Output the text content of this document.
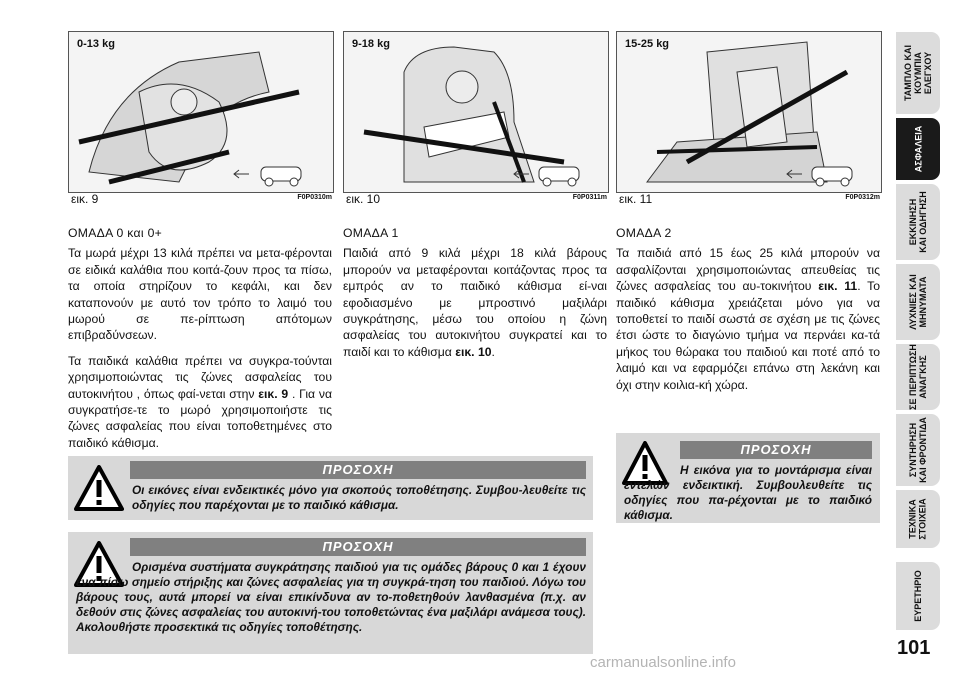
0-13 kg
εικ. 9	F0P0310m
9-18 kg
εικ. 10	F0P0311m
15-25 kg
εικ. 11	F0P0312m
ΟΜΑΔΑ 0 και 0+

Τα μωρά μέχρι 13 κιλά πρέπει να μετα-φέρονται σε ειδικά καλάθια που κοιτά-ζουν προς τα πίσω, τα οποία στηρίζουν το κεφάλι, και δεν καταπονούν με αυτό τον τρόπο το λαιμό του μωρού σε πε-ρίπτωση απότομων επιβραδύνσεων.

Τα παιδικά καλάθια πρέπει να συγκρα-τούνται χρησιμοποιώντας τις ζώνες ασφαλείας του αυτοκινήτου , όπως φαί-νεται στην εικ. 9 . Για να συγκρατήσε-τε το μωρό χρησιμοποιήστε τις ζώνες ασφαλείας που είναι τοποθετημένες στο παιδικό κάθισμα.

ΟΜΑΔΑ 1

Παιδιά από 9 κιλά μέχρι 18 κιλά βάρους μπορούν να μεταφέρονται κοιτάζοντας προς τα εμπρός αν το παιδικό κάθισμα εί-ναι εφοδιασμένο με μπροστινό μαξιλάρι συγκράτησης, μέσω του οποίου η ζώνη ασφαλείας του αυτοκινήτου συγκρατεί και το παιδί και το κάθισμα εικ. 10.

ΟΜΑΔΑ 2

Τα παιδιά από 15 έως 25 κιλά μπορούν να ασφαλίζονται χρησιμοποιώντας απευθείας τις ζώνες ασφαλείας του αυ-τοκινήτου εικ. 11. Το παιδικό κάθισμα χρειάζεται μόνο για να τοποθετεί το παιδί σωστά σε σχέση με τις ζώνες έτσι ώστε το διαγώνιο τμήμα να περνάει κα-τά μήκος του θώρακα του παιδιού και ποτέ από το λαιμό και να εφαρμόζει επάνω στη λεκάνη και όχι στην κοιλια-κή χώρα.

ΠΡΟΣΟΧΗ
Η εικόνα για το μοντάρισμα είναι εντελών ενδεικτική. Συμβουλευθείτε τις οδηγίες που πα-ρέχονται με το παιδικό κάθισμα.
ΠΡΟΣΟΧΗ
Οι εικόνες είναι ενδεικτικές μόνο για σκοπούς τοποθέτησης. Συμβου-λευθείτε τις οδηγίες που παρέχονται με το παιδικό κάθισμα.
ΠΡΟΣΟΧΗ
Ορισμένα συστήματα συγκράτησης παιδιού για τις ομάδες βάρους 0 και 1 έχουν ένα πίσω σημείο στήριξης και ζώνες ασφαλείας για τη συγκρά-τηση του παιδιού. Λόγω του βάρους τους, αυτά μπορεί να είναι επικίνδυνα αν το-ποθετηθούν λανθασμένα (π.χ. αν δεθούν στις ζώνες ασφαλείας του αυτοκινή-του τοποθετώντας ένα μαξιλάρι ανάμεσα τους). Ακολουθήστε προσεκτικά τις οδηγίες τοποθέτησης.
ΤΑΜΠΛΟ ΚΑΙ
ΚΟΥΜΠΙΑ
ΕΛΕΓΧΟΥ
ΑΣΦΑΛΕΙΑ
ΕΚΚΙΝΗΣΗ
ΚΑΙ ΟΔΗΓΗΣΗ
ΛΥΧΝΙΕΣ ΚΑΙ
ΜΗΝΥΜΑΤΑ
ΣΕ ΠΕΡΙΠΤΩΣΗ
ΑΝΑΓΚΗΣ
ΣΥΝΤΗΡΗΣΗ
ΚΑΙ ΦΡΟΝΤΙΔΑ
ΤΕΧΝΙΚΑ
ΣΤΟΙΧΕΙΑ
ΕΥΡΕΤΗΡΙΟ
101
carmanualsonline.info
